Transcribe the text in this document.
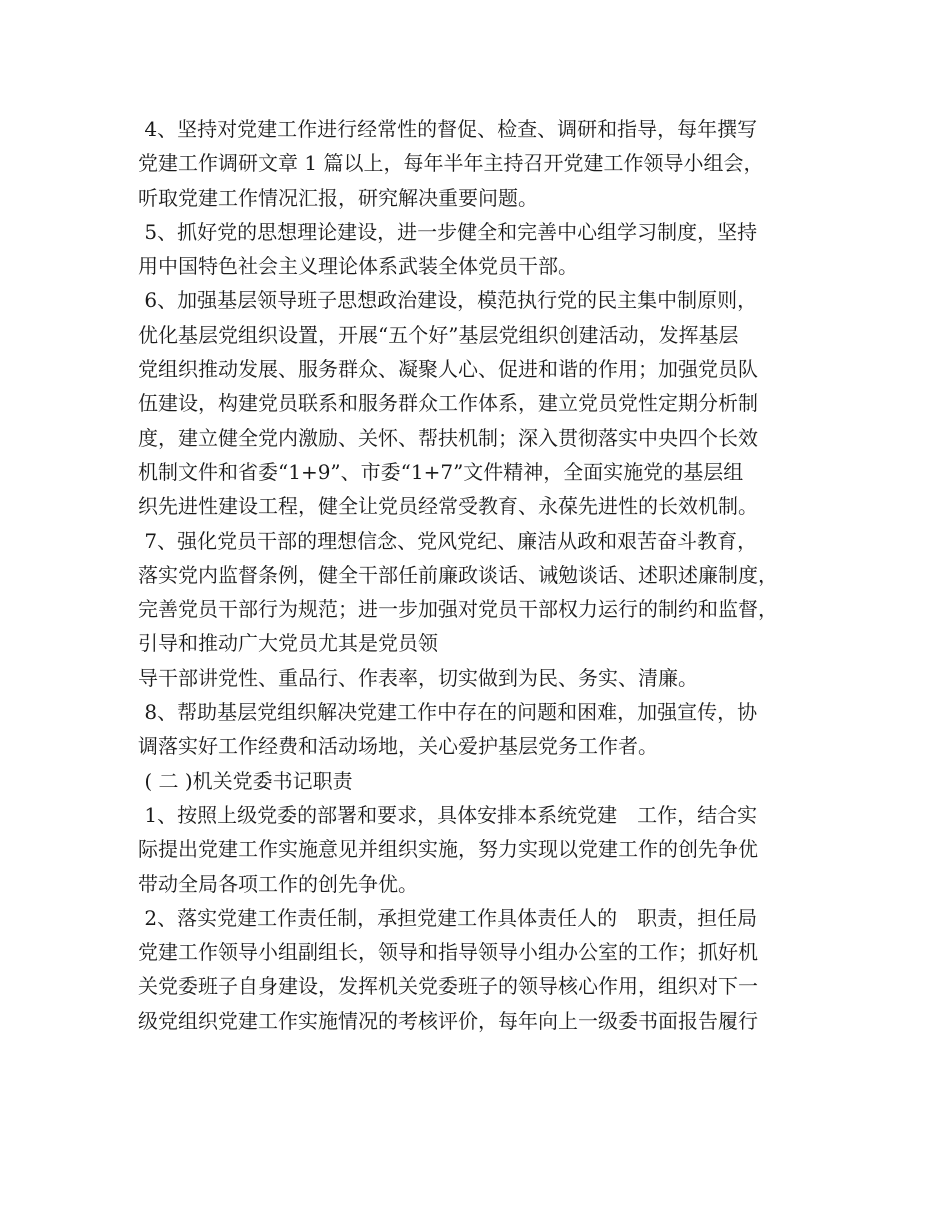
4、坚持对党建工作进行经常性的督促、检查、调研和指导，每年撰写
党建工作调研文章 1 篇以上，每年半年主持召开党建工作领导小组会，
听取党建工作情况汇报，研究解决重要问题。
5、抓好党的思想理论建设，进一步健全和完善中心组学习制度，坚持
用中国特色社会主义理论体系武装全体党员干部。
6、加强基层领导班子思想政治建设，模范执行党的民主集中制原则，
优化基层党组织设置，开展“五个好”基层党组织创建活动，发挥基层
党组织推动发展、服务群众、凝聚人心、促进和谐的作用；加强党员队
伍建设，构建党员联系和服务群众工作体系，建立党员党性定期分析制
度，建立健全党内激励、关怀、帮扶机制；深入贯彻落实中央四个长效
机制文件和省委“1+9”、市委“1+7”文件精神，全面实施党的基层组
织先进性建设工程，健全让党员经常受教育、永葆先进性的长效机制。
7、强化党员干部的理想信念、党风党纪、廉洁从政和艰苦奋斗教育，
落实党内监督条例，健全干部任前廉政谈话、诫勉谈话、述职述廉制度，
完善党员干部行为规范；进一步加强对党员干部权力运行的制约和监督，
引导和推动广大党员尤其是党员领
导干部讲党性、重品行、作表率，切实做到为民、务实、清廉。
8、帮助基层党组织解决党建工作中存在的问题和困难，加强宣传，协
调落实好工作经费和活动场地，关心爱护基层党务工作者。
( 二 )机关党委书记职责
1、按照上级党委的部署和要求，具体安排本系统党建　工作，结合实
际提出党建工作实施意见并组织实施，努力实现以党建工作的创先争优
带动全局各项工作的创先争优。
2、落实党建工作责任制，承担党建工作具体责任人的　职责，担任局
党建工作领导小组副组长，领导和指导领导小组办公室的工作；抓好机
关党委班子自身建设，发挥机关党委班子的领导核心作用，组织对下一
级党组织党建工作实施情况的考核评价，每年向上一级委书面报告履行
